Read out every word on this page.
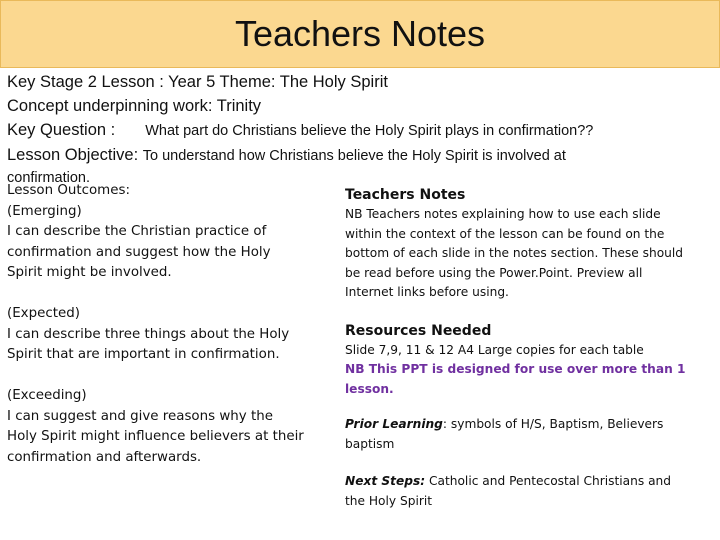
Teachers Notes
Key Stage 2 Lesson : Year 5 Theme: The Holy Spirit
Concept underpinning work: Trinity
Key Question : What part do Christians believe the Holy Spirit plays in confirmation??
Lesson Objective: To understand how Christians believe the Holy Spirit is involved at
confirmation.

Lesson Outcomes:

(Emerging)

I can describe the Christian practice of confirmation and suggest how the Holy Spirit might be involved.

(Expected)

I can describe three things about the Holy Spirit that are important in confirmation.

(Exceeding)

I can suggest and give reasons why the Holy Spirit might influence believers at their confirmation and afterwards.

Teachers Notes

NB Teachers notes explaining how to use each slide within the context of the lesson can be found on the bottom of each slide in the notes section. These should be read before using the Power.Point. Preview all Internet links before using.

Resources Needed

Slide 7,9, 11 & 12 A4 Large copies for each table

NB This PPT is designed for use over more than 1 lesson.

Prior Learning: symbols of H/S, Baptism, Believers baptism

Next Steps: Catholic and Pentecostal Christians and the Holy Spirit
